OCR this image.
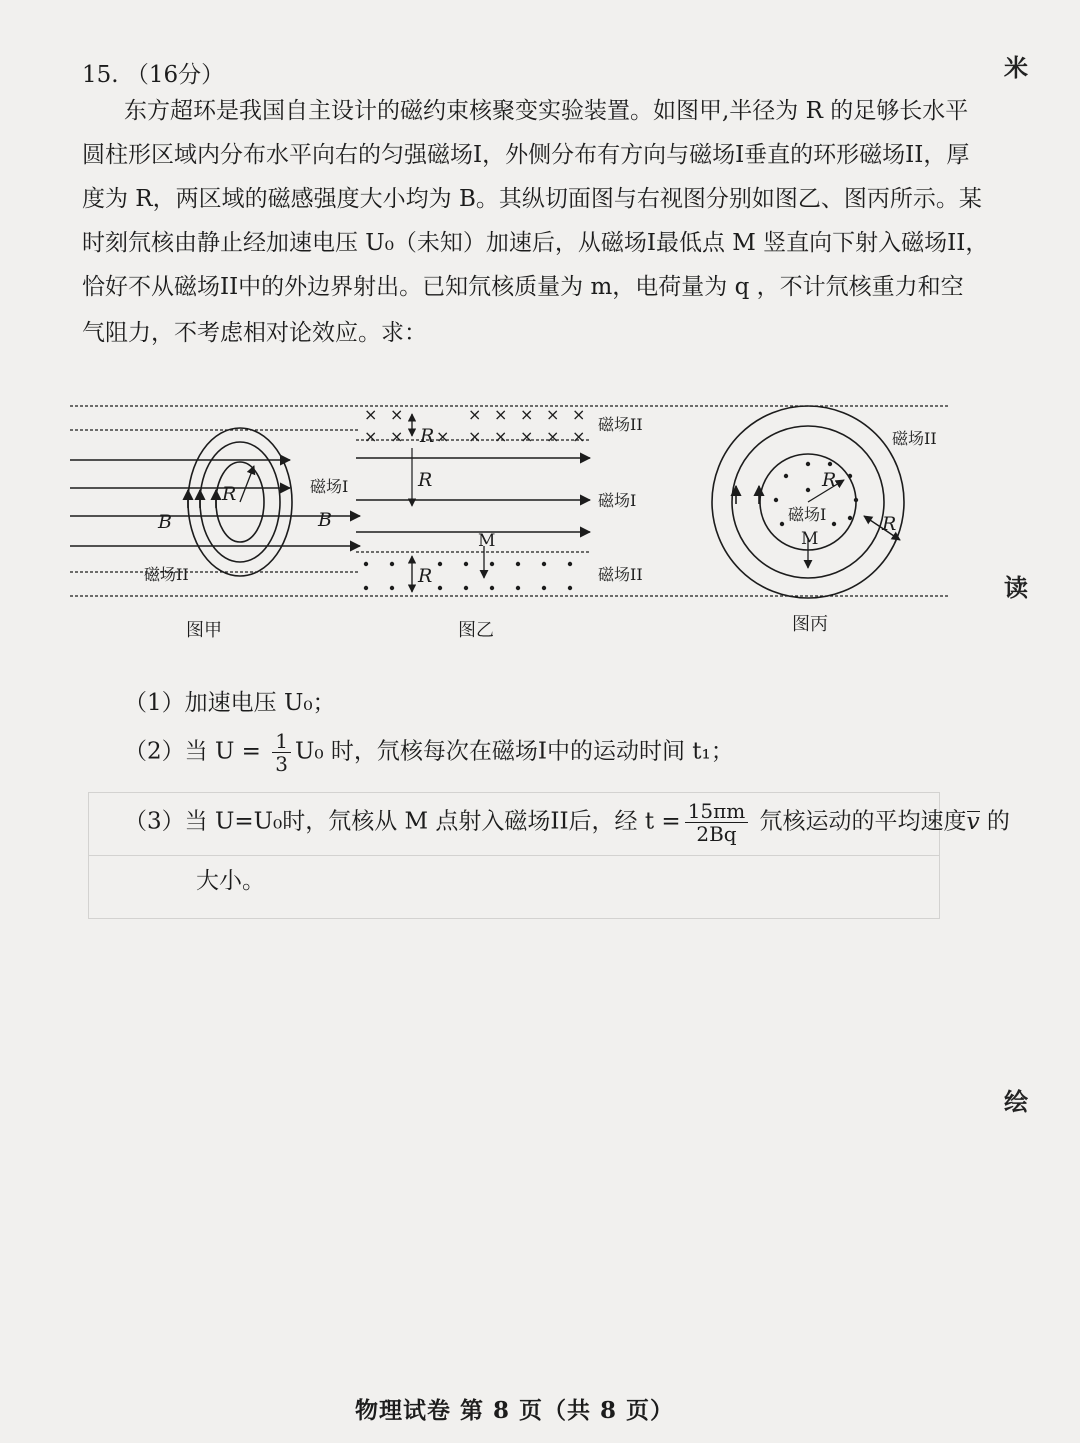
米
读
绘
15. （16分）
东方超环是我国自主设计的磁约束核聚变实验装置。如图甲,半径为 R 的足够长水平
圆柱形区域内分布水平向右的匀强磁场I，外侧分布有方向与磁场I垂直的环形磁场II，厚
度为 R，两区域的磁感强度大小均为 B。其纵切面图与右视图分别如图乙、图丙所示。某
时刻氘核由静止经加速电压 U₀（未知）加速后，从磁场I最低点 M 竖直向下射入磁场II，
恰好不从磁场II中的外边界射出。已知氘核质量为 m，电荷量为 q ，不计氘核重力和空
气阻力，不考虑相对论效应。求：
× ×	× × × × ×
× × × × × × × ×
B	B
R	磁场I
磁场II
R
R
R
M
磁场II
磁场I
磁场II
R
R
磁场I
M
磁场II
图甲	图乙	图丙
（1）加速电压 U₀；
（2）当 $U = \frac{1}{3} U_0$ 时，氘核每次在磁场I中的运动时间 t₁；
（3）当 U=U₀时，氘核从 M 点射入磁场II后，经 $t = \frac{15\pi m}{2Bq}$ 氘核运动的平均速度v 的
大小。
物理试卷 第 8 页（共 8 页）
